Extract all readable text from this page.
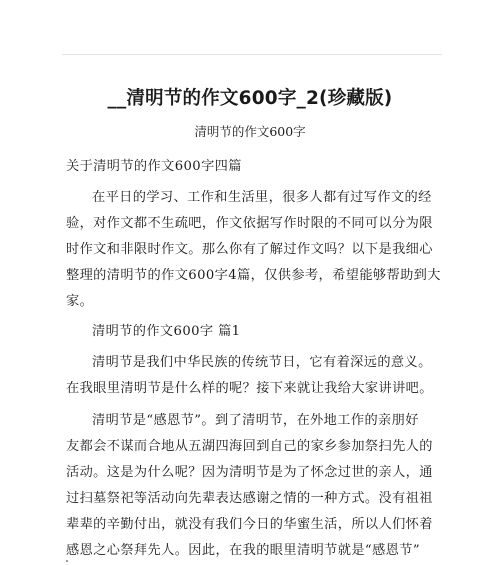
__清明节的作文600字_2(珍藏版)
清明节的作文600字
关于清明节的作文600字四篇
在平日的学习、工作和生活里，很多人都有过写作文的经
验，对作文都不生疏吧，作文依据写作时限的不同可以分为限
时作文和非限时作文。那么你有了解过作文吗？以下是我细心
整理的清明节的作文600字4篇，仅供参考，希望能够帮助到大
家。
清明节的作文600字 篇1
清明节是我们中华民族的传统节日，它有着深远的意义。
在我眼里清明节是什么样的呢？接下来就让我给大家讲讲吧。
清明节是“感恩节”。到了清明节，在外地工作的亲朋好
友都会不谋而合地从五湖四海回到自己的家乡参加祭扫先人的
活动。这是为什么呢？因为清明节是为了怀念过世的亲人，通
过扫墓祭祀等活动向先辈表达感谢之情的一种方式。没有祖祖
辈辈的辛勤付出，就没有我们今日的华蜜生活，所以人们怀着
感恩之心祭拜先人。因此，在我的眼里清明节就是“感恩节”
